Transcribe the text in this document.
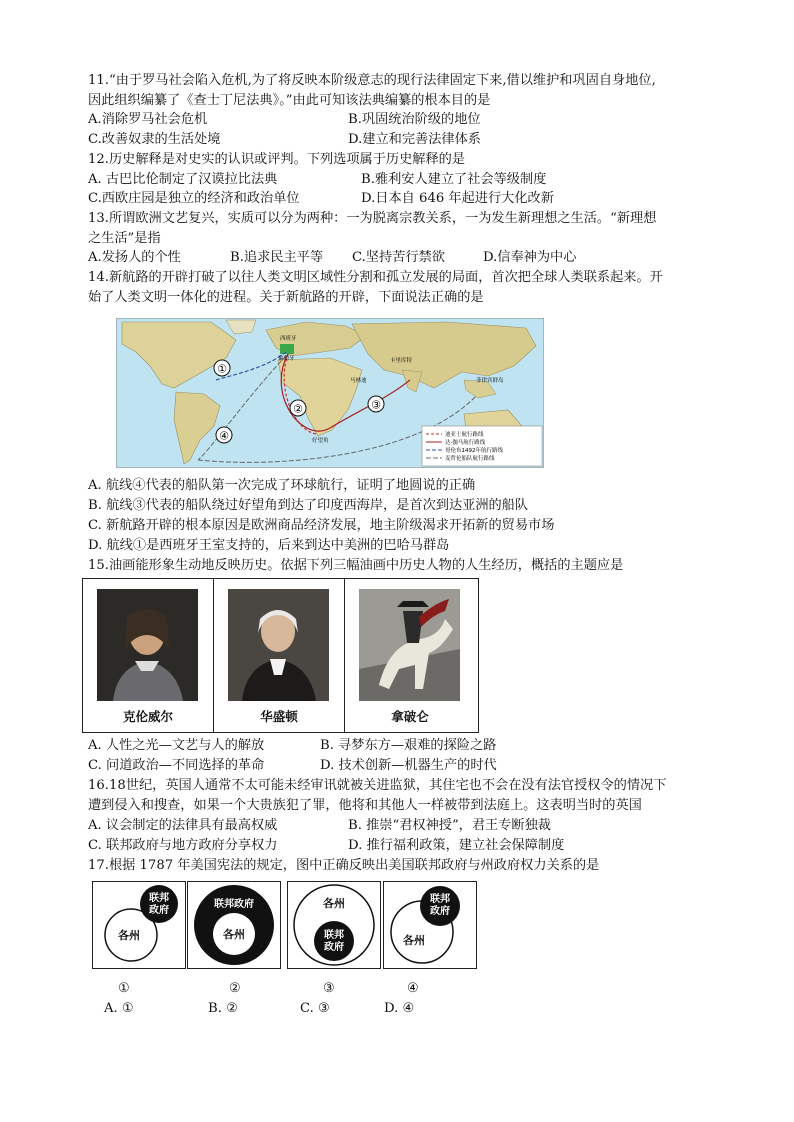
11.“由于罗马社会陷入危机,为了将反映本阶级意志的现行法律固定下来,借以维护和巩固自身地位,
因此组织编纂了《查士丁尼法典》。”由此可知该法典编纂的根本目的是
A.消除罗马社会危机	B.巩固统治阶级的地位
C.改善奴隶的生活处境	D.建立和完善法律体系
12.历史解释是对史实的认识或评判。下列选项属于历史解释的是
A. 古巴比伦制定了汉谟拉比法典	B.雅利安人建立了社会等级制度
C.西欧庄园是独立的经济和政治单位	D.日本自 646 年起进行大化改新
13.所谓欧洲文艺复兴，实质可以分为两种：一为脱离宗教关系，一为发生新理想之生活。“新理想
之生活”是指
A.发扬人的个性	B.追求民主平等 C.坚持苦行禁欲	D.信奉神为中心
14.新航路的开辟打破了以往人类文明区域性分割和孤立发展的局面，首次把全球人类联系起来。开
始了人类文明一体化的进程。关于新航路的开辟，下面说法正确的是
①
②	③
④
西班牙
葡萄牙
马林迪
卡里库特
菲律宾群岛
好望角
迪亚士航行路线
达·伽马航行路线
哥伦布1492年航行路线
麦哲伦船队航行路线
A. 航线④代表的船队第一次完成了环球航行，证明了地圆说的正确
B. 航线③代表的船队绕过好望角到达了印度西海岸，是首次到达亚洲的船队
C. 新航路开辟的根本原因是欧洲商品经济发展，地主阶级渴求开拓新的贸易市场
D. 航线①是西班牙王室支持的，后来到达中美洲的巴哈马群岛
15.油画能形象生动地反映历史。依据下列三幅油画中历史人物的人生经历，概括的主题应是
克伦威尔	华盛顿	拿破仑
A. 人性之光—文艺与人的解放	B. 寻梦东方—艰难的探险之路
C. 问道政治—不同选择的革命	D. 技术创新—机器生产的时代
16.18世纪，英国人通常不太可能未经审讯就被关进监狱，其住宅也不会在没有法官授权令的情况下
遭到侵入和搜查，如果一个大贵族犯了罪，他将和其他人一样被带到法庭上。这表明当时的英国
A. 议会制定的法律具有最高权威	B. 推崇“君权神授”，君王专断独裁
C. 联邦政府与地方政府分享权力	D. 推行福利政策，建立社会保障制度
17.根据 1787 年美国宪法的规定，图中正确反映出美国联邦政府与州政府权力关系的是
联邦
政府
各州
联邦政府
各州
各州
联邦
政府
联邦
政府
各州
①	②	③	④
A. ①	B. ②	C. ③	D. ④
